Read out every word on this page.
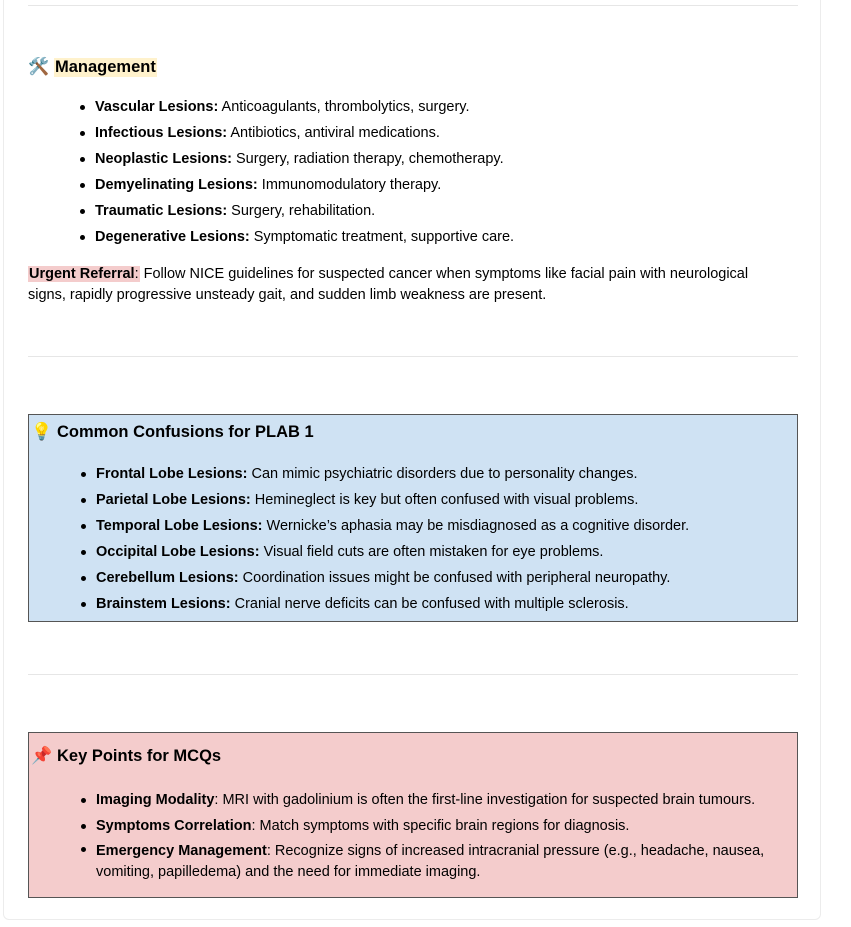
🛠️ Management
Vascular Lesions: Anticoagulants, thrombolytics, surgery.
Infectious Lesions: Antibiotics, antiviral medications.
Neoplastic Lesions: Surgery, radiation therapy, chemotherapy.
Demyelinating Lesions: Immunomodulatory therapy.
Traumatic Lesions: Surgery, rehabilitation.
Degenerative Lesions: Symptomatic treatment, supportive care.
Urgent Referral: Follow NICE guidelines for suspected cancer when symptoms like facial pain with neurological signs, rapidly progressive unsteady gait, and sudden limb weakness are present.
💡 Common Confusions for PLAB 1
Frontal Lobe Lesions: Can mimic psychiatric disorders due to personality changes.
Parietal Lobe Lesions: Hemineglect is key but often confused with visual problems.
Temporal Lobe Lesions: Wernicke’s aphasia may be misdiagnosed as a cognitive disorder.
Occipital Lobe Lesions: Visual field cuts are often mistaken for eye problems.
Cerebellum Lesions: Coordination issues might be confused with peripheral neuropathy.
Brainstem Lesions: Cranial nerve deficits can be confused with multiple sclerosis.
📌 Key Points for MCQs
Imaging Modality: MRI with gadolinium is often the first-line investigation for suspected brain tumours.
Symptoms Correlation: Match symptoms with specific brain regions for diagnosis.
Emergency Management: Recognize signs of increased intracranial pressure (e.g., headache, nausea, vomiting, papilledema) and the need for immediate imaging.
